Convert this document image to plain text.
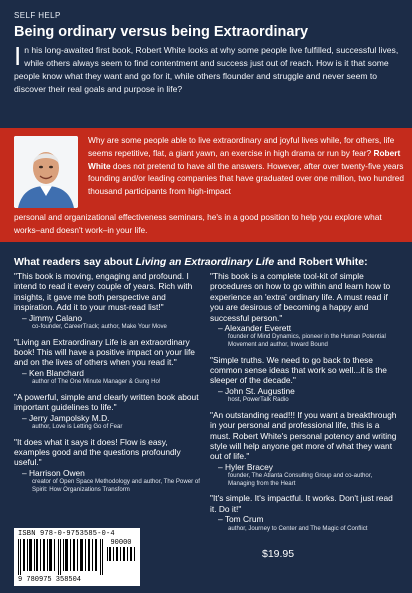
SELF HELP
Being ordinary versus being Extraordinary

In his long-awaited first book, Robert White looks at why some people live fulfilled, successful lives, while others always seem to find contentment and success just out of reach. How is it that some people know what they want and go for it, while others flounder and struggle and never seem to discover their real goals and purpose in life?

Why are some people able to live extraordinary and joyful lives while, for others, life seems repetitive, flat, a giant yawn, an exercise in high drama or run by fear? Robert White does not pretend to have all the answers. However, after over twenty-five years founding and/or leading companies that have graduated over one million, two hundred thousand participants from high-impact

personal and organizational effectiveness seminars, he's in a good position to help you explore what works–and doesn't work–in your life.

What readers say about Living an Extraordinary Life and Robert White:

"This book is moving, engaging and profound. I intend to read it every couple of years. Rich with insights, it gave me both perspective and inspiration. Add it to your must-read list!"

– Jimmy Calano

co-founder, CareerTrack; author, Make Your Move

"Living an Extraordinary Life is an extraordinary book! This will have a positive impact on your life and on the lives of others when you read it."

– Ken Blanchard

author of The One Minute Manager & Gung Ho!

"A powerful, simple and clearly written book about important guidelines to life."

– Jerry Jampolsky M.D.

author, Love is Letting Go of Fear

"It does what it says it does! Flow is easy, examples good and the questions profoundly useful."

– Harrison Owen

creator of Open Space Methodology and author, The Power of Spirit: How Organizations Transform

"This book is a complete tool-kit of simple procedures on how to go within and learn how to experience an 'extra' ordinary life. A must read if you are desirous of becoming a happy and successful person."

– Alexander Everett

founder of Mind Dynamics, pioneer in the Human Potential Movement and author, Inward Bound

"Simple truths. We need to go back to these common sense ideas that work so well...it is the sleeper of the decade."

– John St. Augustine

host, PowerTalk Radio

"An outstanding read!!! If you want a breakthrough in your personal and professional life, this is a must. Robert White's personal potency and writing style will help anyone get more of what they want out of life."

– Hyler Bracey

founder, The Atlanta Consulting Group and co-author, Managing from the Heart

"It's simple. It's impactful. It works. Don't just read it. Do it!"

– Tom Crum

author, Journey to Center and The Magic of Conflict

ISBN 978-0-9753585-0-4
90000
9 780975 358504
$19.95
